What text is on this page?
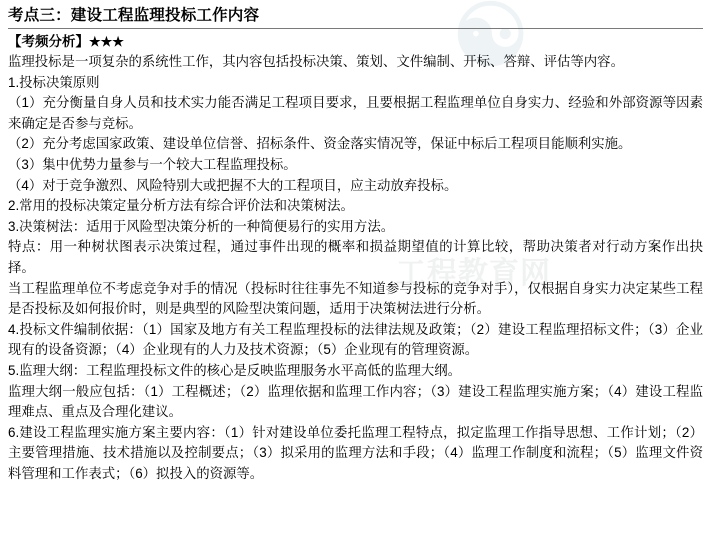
☯
工程教育网
考点三：建设工程监理投标工作内容
【考频分析】★★★

监理投标是一项复杂的系统性工作，其内容包括投标决策、策划、文件编制、开标、答辩、评估等内容。

1.投标决策原则

（1）充分衡量自身人员和技术实力能否满足工程项目要求，且要根据工程监理单位自身实力、经验和外部资源等因素来确定是否参与竞标。

（2）充分考虑国家政策、建设单位信誉、招标条件、资金落实情况等，保证中标后工程项目能顺利实施。

（3）集中优势力量参与一个较大工程监理投标。

（4）对于竞争激烈、风险特别大或把握不大的工程项目，应主动放弃投标。

2.常用的投标决策定量分析方法有综合评价法和决策树法。

3.决策树法：适用于风险型决策分析的一种简便易行的实用方法。

特点：用一种树状图表示决策过程，通过事件出现的概率和损益期望值的计算比较，帮助决策者对行动方案作出抉择。

当工程监理单位不考虑竞争对手的情况（投标时往往事先不知道参与投标的竞争对手），仅根据自身实力决定某些工程是否投标及如何报价时，则是典型的风险型决策问题，适用于决策树法进行分析。

4.投标文件编制依据：（1）国家及地方有关工程监理投标的法律法规及政策；（2）建设工程监理招标文件；（3）企业现有的设备资源；（4）企业现有的人力及技术资源；（5）企业现有的管理资源。

5.监理大纲：工程监理投标文件的核心是反映监理服务水平高低的监理大纲。

监理大纲一般应包括：（1）工程概述；（2）监理依据和监理工作内容；（3）建设工程监理实施方案；（4）建设工程监理难点、重点及合理化建议。

6.建设工程监理实施方案主要内容：（1）针对建设单位委托监理工程特点，拟定监理工作指导思想、工作计划；（2）主要管理措施、技术措施以及控制要点；（3）拟采用的监理方法和手段；（4）监理工作制度和流程；（5）监理文件资料管理和工作表式；（6）拟投入的资源等。
